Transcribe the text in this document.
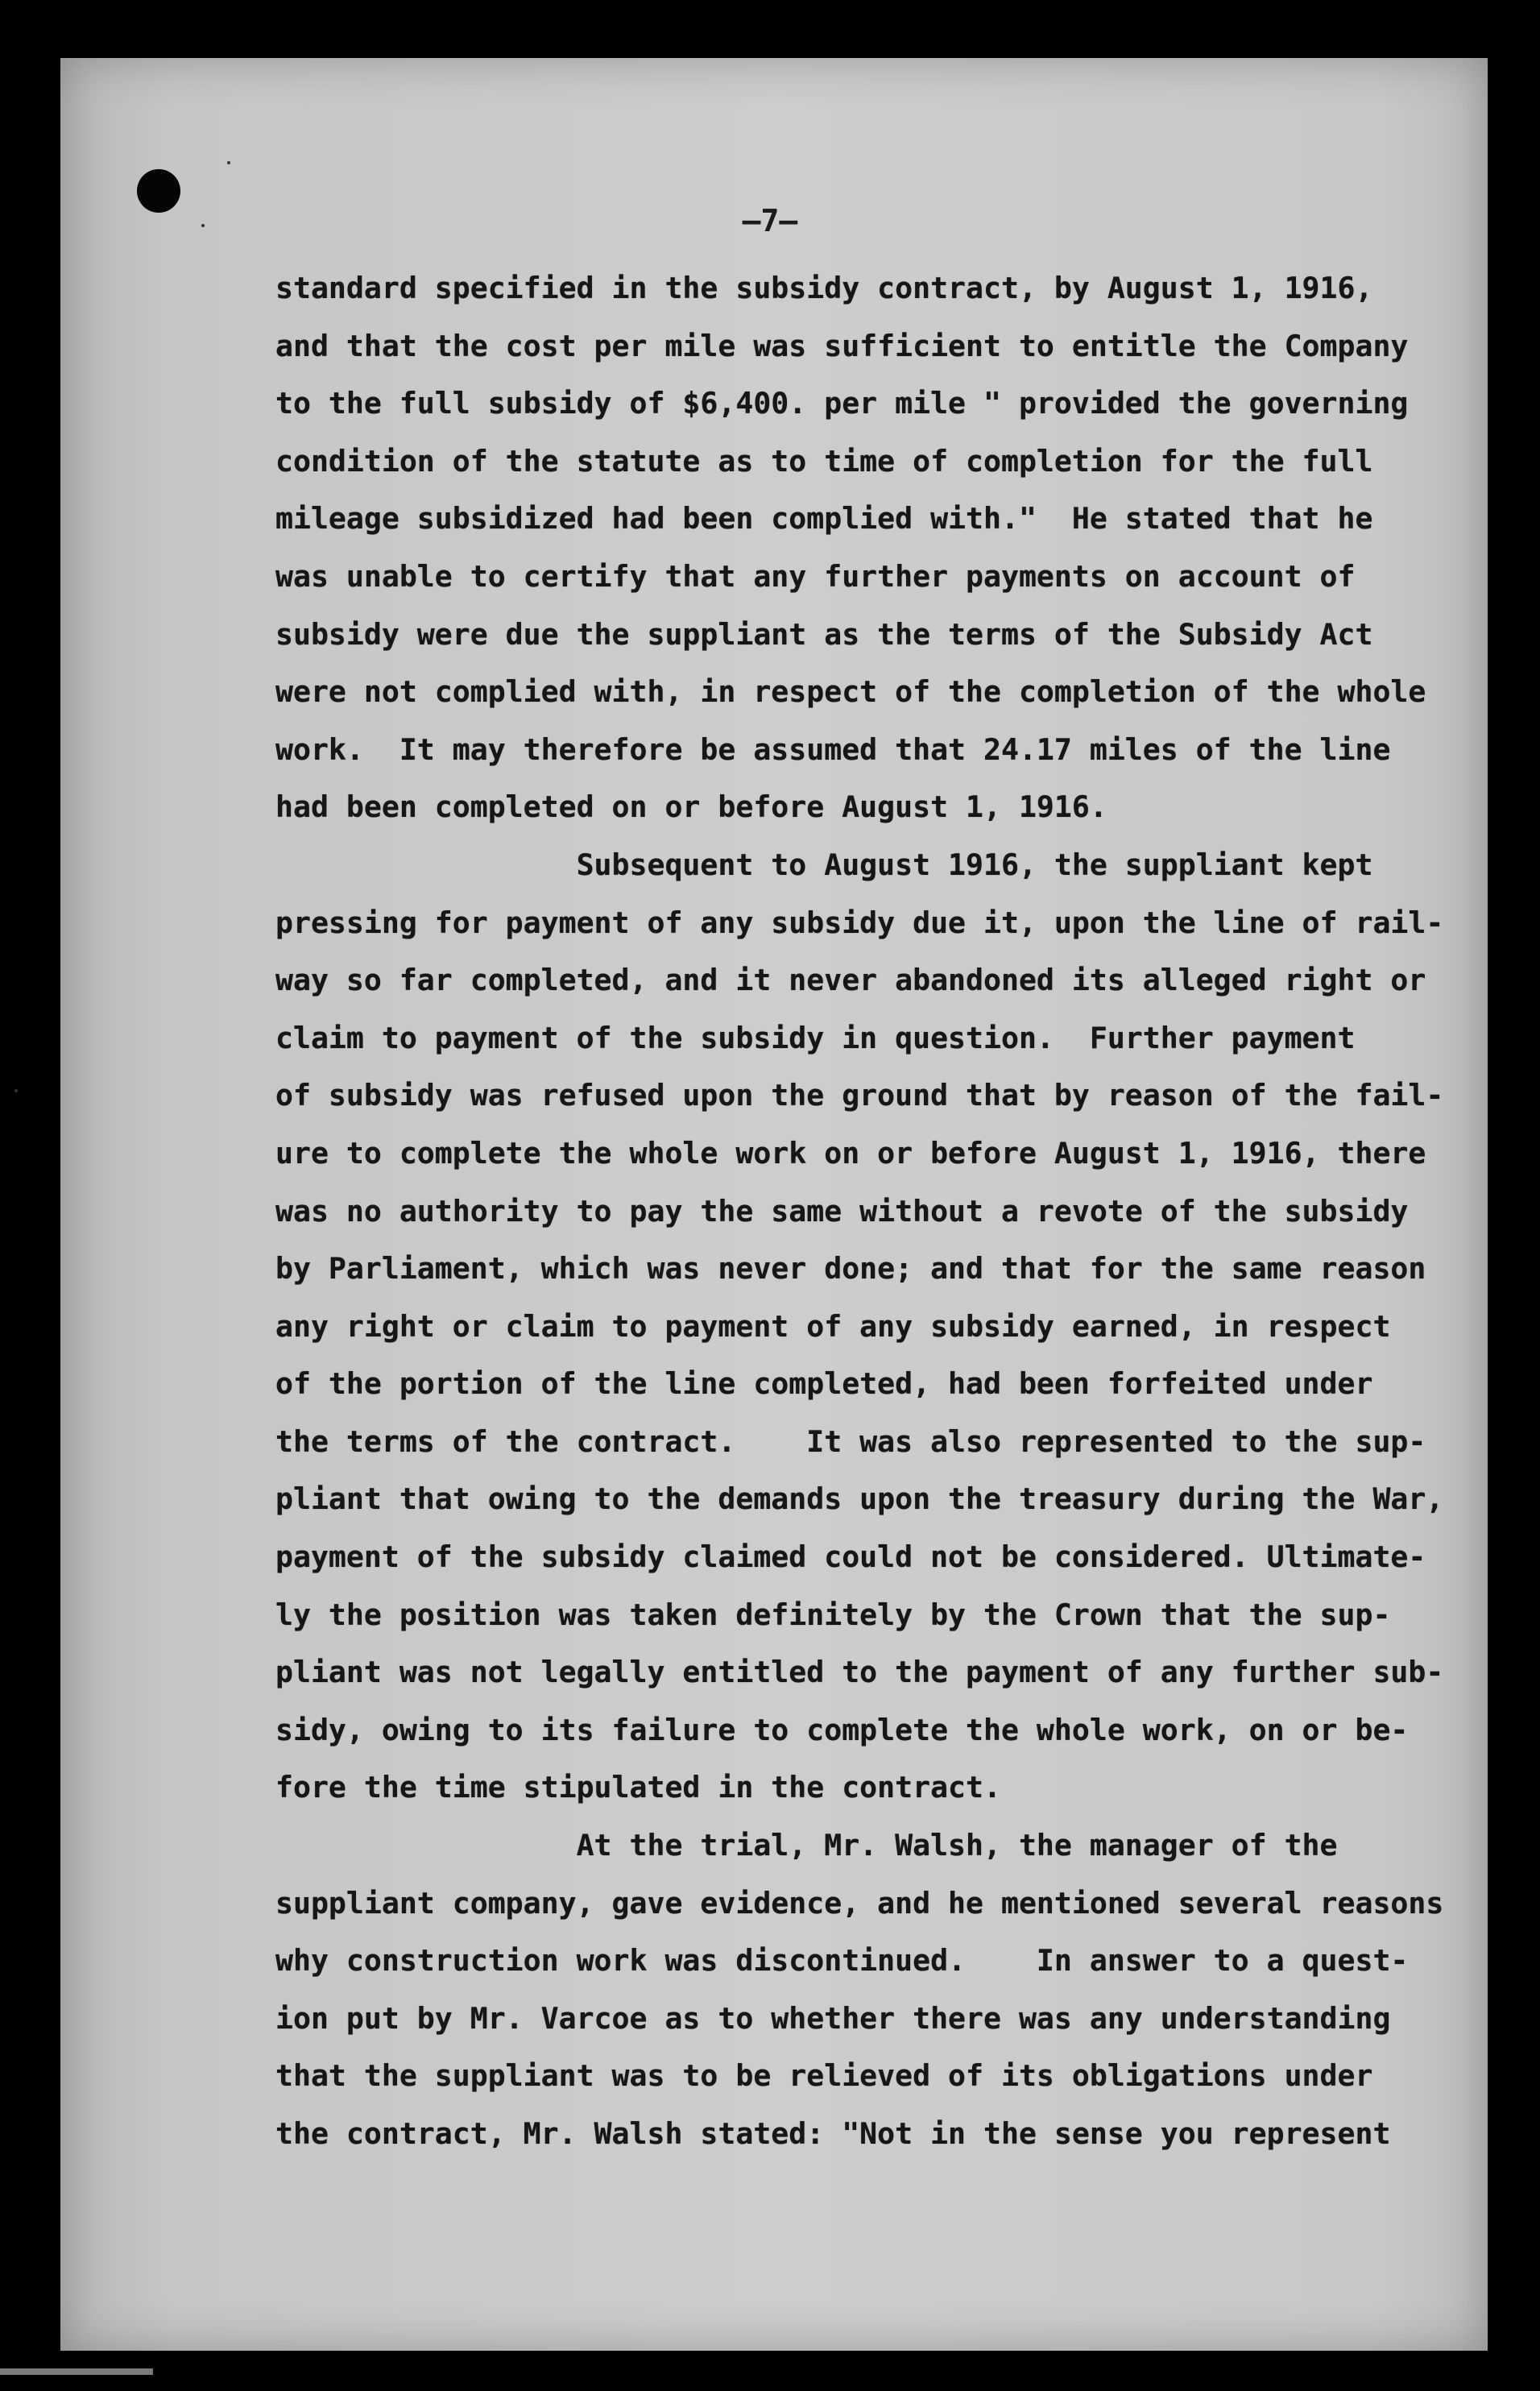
—7—
standard specified in the subsidy contract, by August 1, 1916,
and that the cost per mile was sufficient to entitle the Company
to the full subsidy of $6,400. per mile " provided the governing
condition of the statute as to time of completion for the full
mileage subsidized had been complied with."  He stated that he
was unable to certify that any further payments on account of
subsidy were due the suppliant as the terms of the Subsidy Act
were not complied with, in respect of the completion of the whole
work.  It may therefore be assumed that 24.17 miles of the line
had been completed on or before August 1, 1916.
Subsequent to August 1916, the suppliant kept
pressing for payment of any subsidy due it, upon the line of rail-
way so far completed, and it never abandoned its alleged right or
claim to payment of the subsidy in question.  Further payment
of subsidy was refused upon the ground that by reason of the fail-
ure to complete the whole work on or before August 1, 1916, there
was no authority to pay the same without a revote of the subsidy
by Parliament, which was never done; and that for the same reason
any right or claim to payment of any subsidy earned, in respect
of the portion of the line completed, had been forfeited under
the terms of the contract.    It was also represented to the sup-
pliant that owing to the demands upon the treasury during the War,
payment of the subsidy claimed could not be considered. Ultimate-
ly the position was taken definitely by the Crown that the sup-
pliant was not legally entitled to the payment of any further sub-
sidy, owing to its failure to complete the whole work, on or be-
fore the time stipulated in the contract.
At the trial, Mr. Walsh, the manager of the
suppliant company, gave evidence, and he mentioned several reasons
why construction work was discontinued.    In answer to a quest-
ion put by Mr. Varcoe as to whether there was any understanding
that the suppliant was to be relieved of its obligations under
the contract, Mr. Walsh stated: "Not in the sense you represent
